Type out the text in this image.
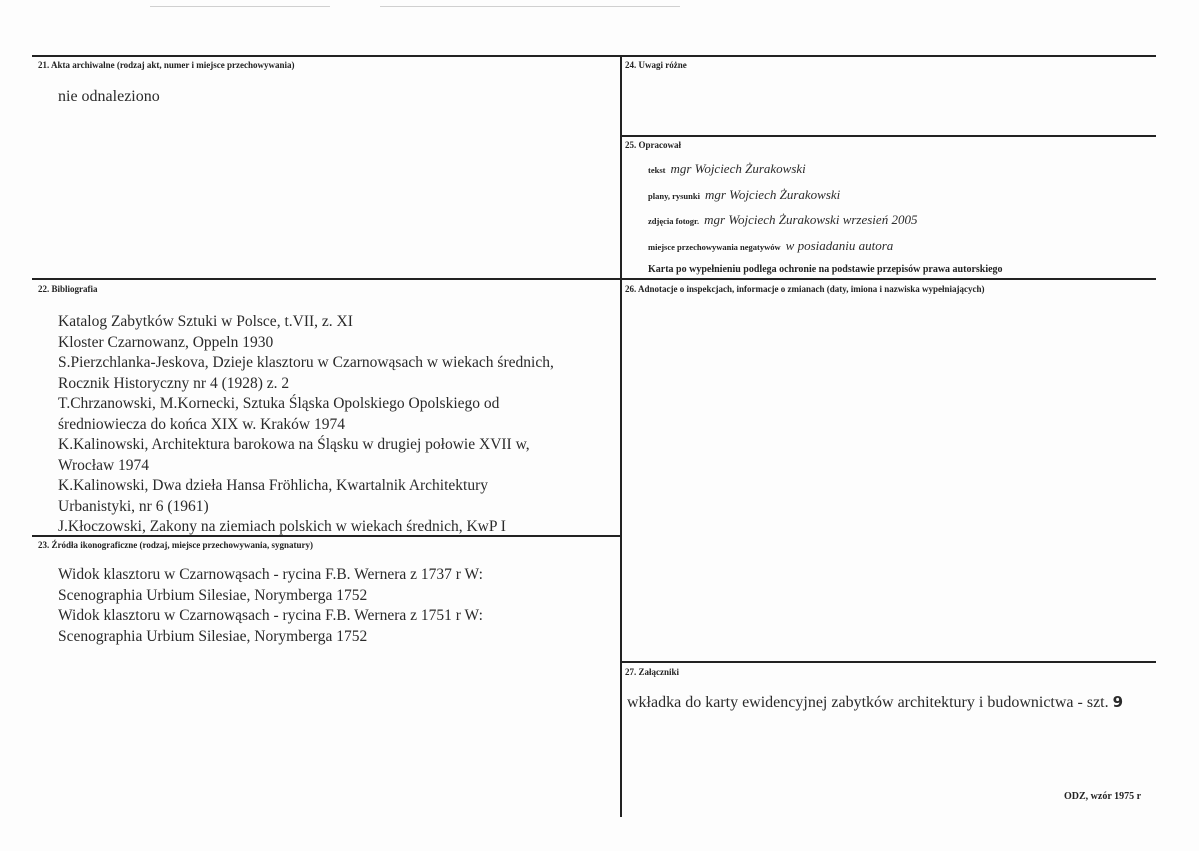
21. Akta archiwalne (rodzaj akt, numer i miejsce przechowywania)
nie odnaleziono
24. Uwagi różne
25. Opracował
tekst mgr Wojciech Żurakowski
plany, rysunki mgr Wojciech Żurakowski
zdjęcia fotogr. mgr Wojciech Żurakowski wrzesień 2005
miejsce przechowywania negatywów w posiadaniu autora
Karta po wypełnieniu podlega ochronie na podstawie przepisów prawa autorskiego
22. Bibliografia
Katalog Zabytków Sztuki w Polsce, t.VII, z. XI
Kloster Czarnowanz, Oppeln 1930
S.Pierzchlanka-Jeskova, Dzieje klasztoru w Czarnowąsach w wiekach średnich,
Rocznik Historyczny nr 4 (1928) z. 2
T.Chrzanowski, M.Kornecki, Sztuka Śląska Opolskiego Opolskiego od
średniowiecza do końca XIX w. Kraków 1974
K.Kalinowski, Architektura barokowa na Śląsku w drugiej połowie XVII w,
Wrocław 1974
K.Kalinowski, Dwa dzieła Hansa Fröhlicha, Kwartalnik Architektury
Urbanistyki, nr 6 (1961)
J.Kłoczowski, Zakony na ziemiach polskich w wiekach średnich, KwP I
26. Adnotacje o inspekcjach, informacje o zmianach (daty, imiona i nazwiska wypełniających)
23. Źródła ikonograficzne (rodzaj, miejsce przechowywania, sygnatury)
Widok klasztoru w Czarnowąsach - rycina F.B. Wernera z 1737 r W:
Scenographia Urbium Silesiae, Norymberga 1752
Widok klasztoru w Czarnowąsach - rycina F.B. Wernera z 1751 r W:
Scenographia Urbium Silesiae, Norymberga 1752
27. Załączniki
wkładka do karty ewidencyjnej zabytków architektury i budownictwa - szt. 9
ODZ, wzór 1975 r
